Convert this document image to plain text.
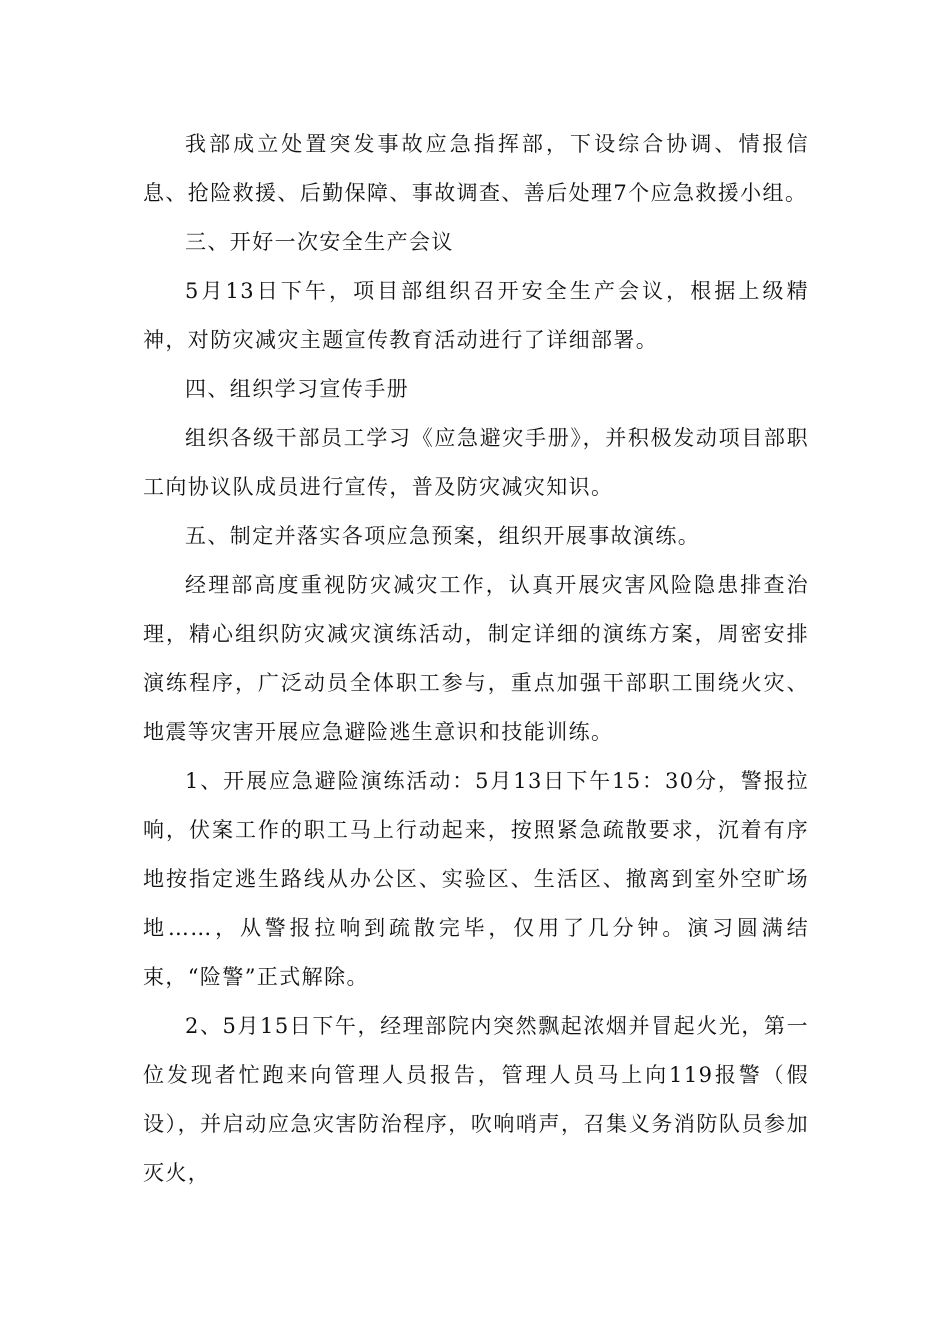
我部成立处置突发事故应急指挥部，下设综合协调、情报信息、抢险救援、后勤保障、事故调查、善后处理7个应急救援小组。

三、开好一次安全生产会议

5月13日下午，项目部组织召开安全生产会议，根据上级精神，对防灾减灾主题宣传教育活动进行了详细部署。

四、组织学习宣传手册

组织各级干部员工学习《应急避灾手册》，并积极发动项目部职工向协议队成员进行宣传，普及防灾减灾知识。

五、制定并落实各项应急预案，组织开展事故演练。

经理部高度重视防灾减灾工作，认真开展灾害风险隐患排查治理，精心组织防灾减灾演练活动，制定详细的演练方案，周密安排演练程序，广泛动员全体职工参与，重点加强干部职工围绕火灾、地震等灾害开展应急避险逃生意识和技能训练。

1、开展应急避险演练活动：5月13日下午15：30分，警报拉响，伏案工作的职工马上行动起来，按照紧急疏散要求，沉着有序地按指定逃生路线从办公区、实验区、生活区、撤离到室外空旷场地……，从警报拉响到疏散完毕，仅用了几分钟。演习圆满结束，“险警”正式解除。

2、5月15日下午，经理部院内突然飘起浓烟并冒起火光，第一位发现者忙跑来向管理人员报告，管理人员马上向119报警（假设），并启动应急灾害防治程序，吹响哨声，召集义务消防队员参加灭火，
